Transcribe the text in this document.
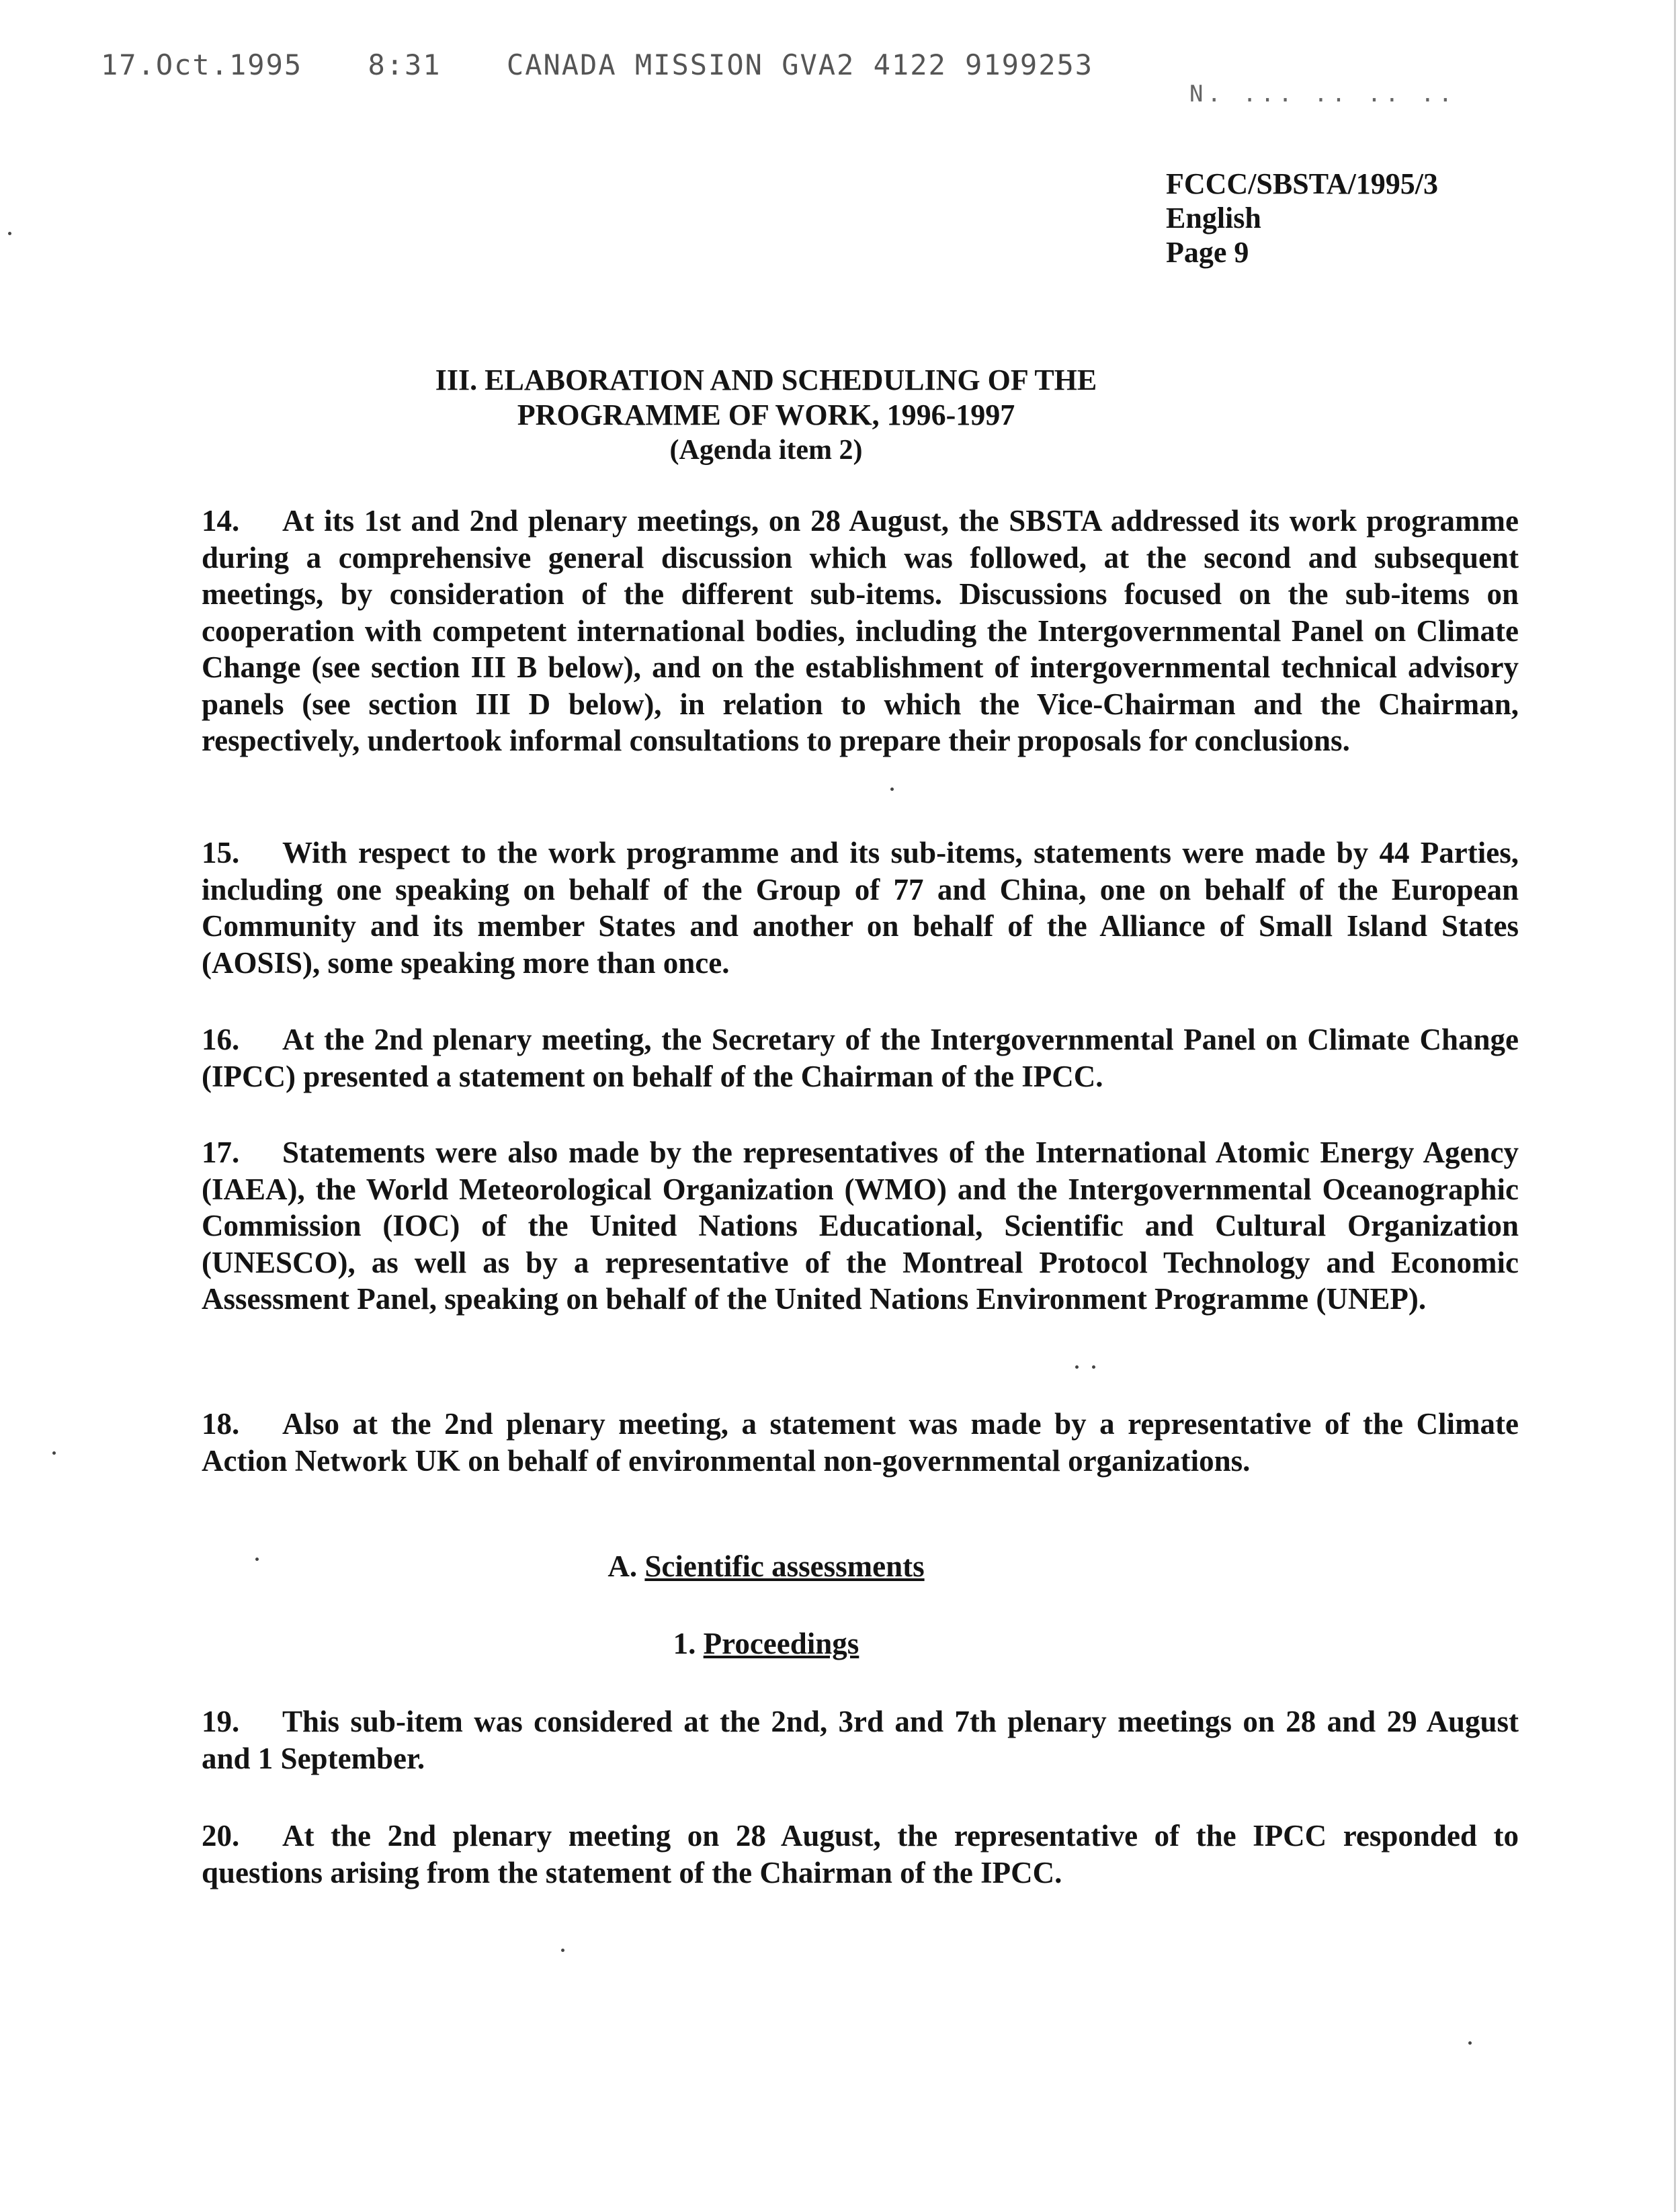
17.Oct.1995 8:31 CANADA MISSION GVA2 4122 9199253
N. ... .. .. ..
FCCC/SBSTA/1995/3
English
Page 9
III. ELABORATION AND SCHEDULING OF THE
PROGRAMME OF WORK, 1996-1997
(Agenda item 2)
14. At its 1st and 2nd plenary meetings, on 28 August, the SBSTA addressed its work programme during a comprehensive general discussion which was followed, at the second and subsequent meetings, by consideration of the different sub-items. Discussions focused on the sub-items on cooperation with competent international bodies, including the Intergovernmental Panel on Climate Change (see section III B below), and on the establishment of intergovernmental technical advisory panels (see section III D below), in relation to which the Vice-Chairman and the Chairman, respectively, undertook informal consultations to prepare their proposals for conclusions.
15. With respect to the work programme and its sub-items, statements were made by 44 Parties, including one speaking on behalf of the Group of 77 and China, one on behalf of the European Community and its member States and another on behalf of the Alliance of Small Island States (AOSIS), some speaking more than once.
16. At the 2nd plenary meeting, the Secretary of the Intergovernmental Panel on Climate Change (IPCC) presented a statement on behalf of the Chairman of the IPCC.
17. Statements were also made by the representatives of the International Atomic Energy Agency (IAEA), the World Meteorological Organization (WMO) and the Intergovernmental Oceanographic Commission (IOC) of the United Nations Educational, Scientific and Cultural Organization (UNESCO), as well as by a representative of the Montreal Protocol Technology and Economic Assessment Panel, speaking on behalf of the United Nations Environment Programme (UNEP).
18. Also at the 2nd plenary meeting, a statement was made by a representative of the Climate Action Network UK on behalf of environmental non-governmental organizations.
A. Scientific assessments
1. Proceedings
19. This sub-item was considered at the 2nd, 3rd and 7th plenary meetings on 28 and 29 August and 1 September.
20. At the 2nd plenary meeting on 28 August, the representative of the IPCC responded to questions arising from the statement of the Chairman of the IPCC.
